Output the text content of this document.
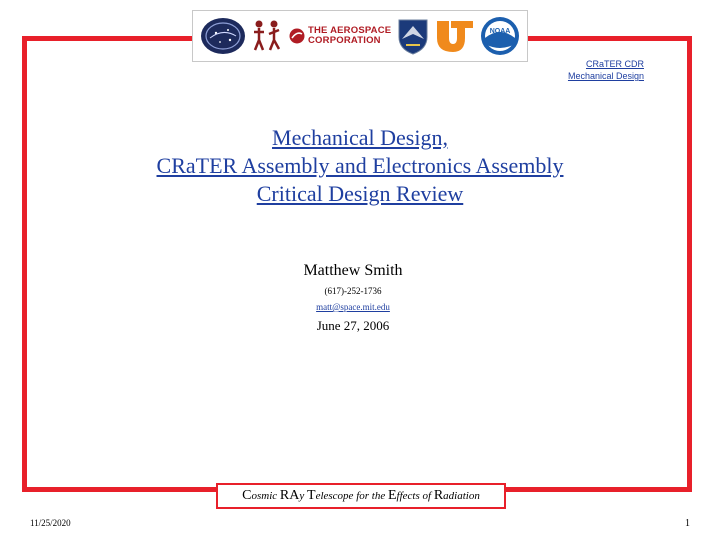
THE AEROSPACE
CORPORATION
NOAA
CRaTER CDR
Mechanical Design
Mechanical Design,
CRaTER Assembly and Electronics Assembly
Critical Design Review
Matthew Smith
(617)-252-1736
matt@space.mit.edu
June 27, 2006
Cosmic RAy Telescope for the Effects of Radiation
11/25/2020	1
